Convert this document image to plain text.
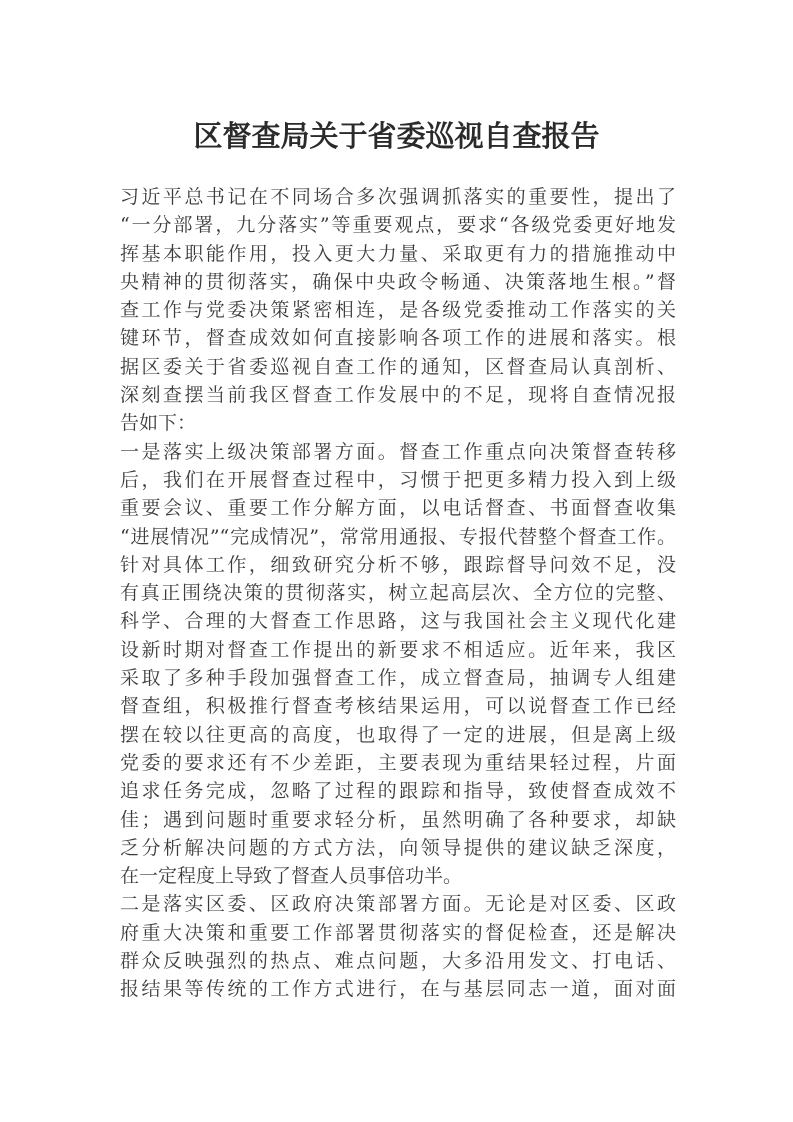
区督查局关于省委巡视自查报告
习近平总书记在不同场合多次强调抓落实的重要性，提出了
“一分部署，九分落实”等重要观点，要求“各级党委更好地发
挥基本职能作用，投入更大力量、采取更有力的措施推动中
央精神的贯彻落实，确保中央政令畅通、决策落地生根。”督
查工作与党委决策紧密相连，是各级党委推动工作落实的关
键环节，督查成效如何直接影响各项工作的进展和落实。根
据区委关于省委巡视自查工作的通知，区督查局认真剖析、
深刻查摆当前我区督查工作发展中的不足，现将自查情况报
告如下：
一是落实上级决策部署方面。督查工作重点向决策督查转移
后，我们在开展督查过程中，习惯于把更多精力投入到上级
重要会议、重要工作分解方面，以电话督查、书面督查收集
“进展情况”“完成情况”，常常用通报、专报代替整个督查工作。
针对具体工作，细致研究分析不够，跟踪督导问效不足，没
有真正围绕决策的贯彻落实，树立起高层次、全方位的完整、
科学、合理的大督查工作思路，这与我国社会主义现代化建
设新时期对督查工作提出的新要求不相适应。近年来，我区
采取了多种手段加强督查工作，成立督查局，抽调专人组建
督查组，积极推行督查考核结果运用，可以说督查工作已经
摆在较以往更高的高度，也取得了一定的进展，但是离上级
党委的要求还有不少差距，主要表现为重结果轻过程，片面
追求任务完成，忽略了过程的跟踪和指导，致使督查成效不
佳；遇到问题时重要求轻分析，虽然明确了各种要求，却缺
乏分析解决问题的方式方法，向领导提供的建议缺乏深度，
在一定程度上导致了督查人员事倍功半。
二是落实区委、区政府决策部署方面。无论是对区委、区政
府重大决策和重要工作部署贯彻落实的督促检查，还是解决
群众反映强烈的热点、难点问题，大多沿用发文、打电话、
报结果等传统的工作方式进行，在与基层同志一道，面对面
